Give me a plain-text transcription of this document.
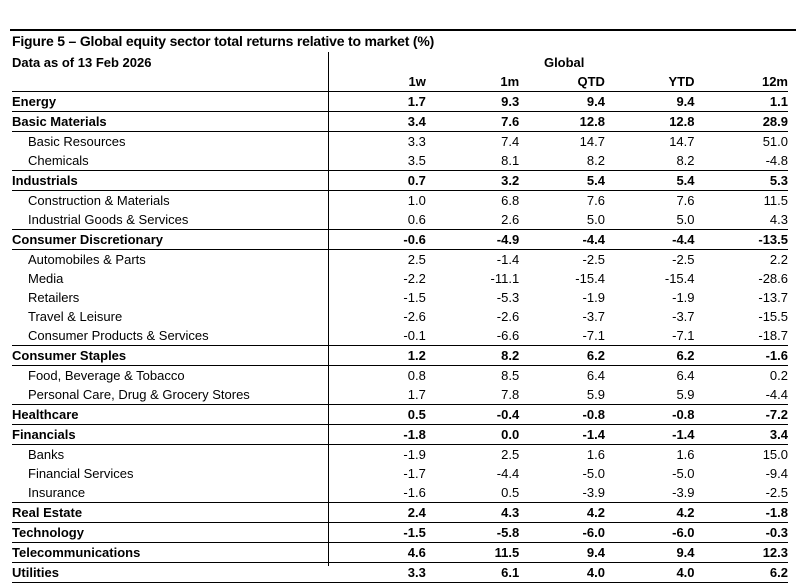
Figure 5 – Global equity sector total returns relative to market (%)
Data as of 13 Feb 2026	Global				
	1w	1m	QTD	YTD	12m
Energy	1.7	9.3	9.4	9.4	1.1
Basic Materials	3.4	7.6	12.8	12.8	28.9
Basic Resources	3.3	7.4	14.7	14.7	51.0
Chemicals	3.5	8.1	8.2	8.2	-4.8
Industrials	0.7	3.2	5.4	5.4	5.3
Construction & Materials	1.0	6.8	7.6	7.6	11.5
Industrial Goods & Services	0.6	2.6	5.0	5.0	4.3
Consumer Discretionary	-0.6	-4.9	-4.4	-4.4	-13.5
Automobiles & Parts	2.5	-1.4	-2.5	-2.5	2.2
Media	-2.2	-11.1	-15.4	-15.4	-28.6
Retailers	-1.5	-5.3	-1.9	-1.9	-13.7
Travel & Leisure	-2.6	-2.6	-3.7	-3.7	-15.5
Consumer Products & Services	-0.1	-6.6	-7.1	-7.1	-18.7
Consumer Staples	1.2	8.2	6.2	6.2	-1.6
Food, Beverage & Tobacco	0.8	8.5	6.4	6.4	0.2
Personal Care, Drug & Grocery Stores	1.7	7.8	5.9	5.9	-4.4
Healthcare	0.5	-0.4	-0.8	-0.8	-7.2
Financials	-1.8	0.0	-1.4	-1.4	3.4
Banks	-1.9	2.5	1.6	1.6	15.0
Financial Services	-1.7	-4.4	-5.0	-5.0	-9.4
Insurance	-1.6	0.5	-3.9	-3.9	-2.5
Real Estate	2.4	4.3	4.2	4.2	-1.8
Technology	-1.5	-5.8	-6.0	-6.0	-0.3
Telecommunications	4.6	11.5	9.4	9.4	12.3
Utilities	3.3	6.1	4.0	4.0	6.2
